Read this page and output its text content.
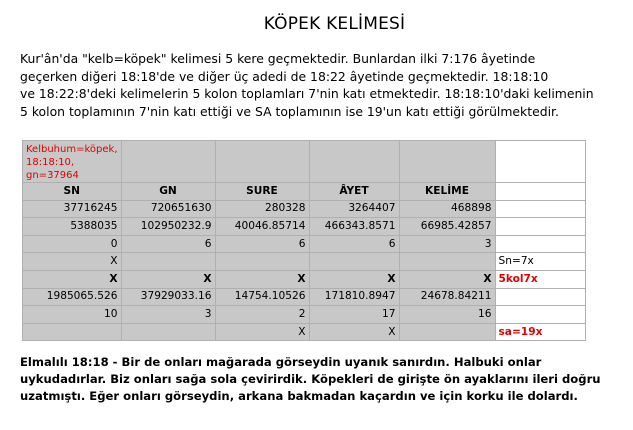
KÖPEK KELİMESİ

Kur'ân'da "kelb=köpek" kelimesi 5 kere geçmektedir. Bunlardan ilki 7:176 âyetinde
geçerken diğeri 18:18'de ve diğer üç adedi de 18:22 âyetinde geçmektedir. 18:18:10
ve 18:22:8'deki kelimelerin 5 kolon toplamları 7'nin katı etmektedir. 18:18:10'daki kelimenin
5 kolon toplamının 7'nin katı ettiği ve SA toplamının ise 19'un katı ettiği görülmektedir.

Kelbuhum=köpek, 18:18:10, gn=37964					
SN	GN	SURE	ÂYET	KELİME	
37716245	720651630	280328	3264407	468898	
5388035	102950232.9	40046.85714	466343.8571	66985.42857	
0	6	6	6	3	
X					Sn=7x
X	X	X	X	X	5kol7x
1985065.526	37929033.16	14754.10526	171810.8947	24678.84211	
10	3	2	17	16	
		X	X		sa=19x

Elmalılı 18:18 - Bir de onları mağarada görseydin uyanık sanırdın. Halbuki onlar
uykudadırlar. Biz onları sağa sola çevirirdik. Köpekleri de girişte ön ayaklarını ileri doğru
uzatmıştı. Eğer onları görseydin, arkana bakmadan kaçardın ve için korku ile dolardı.
